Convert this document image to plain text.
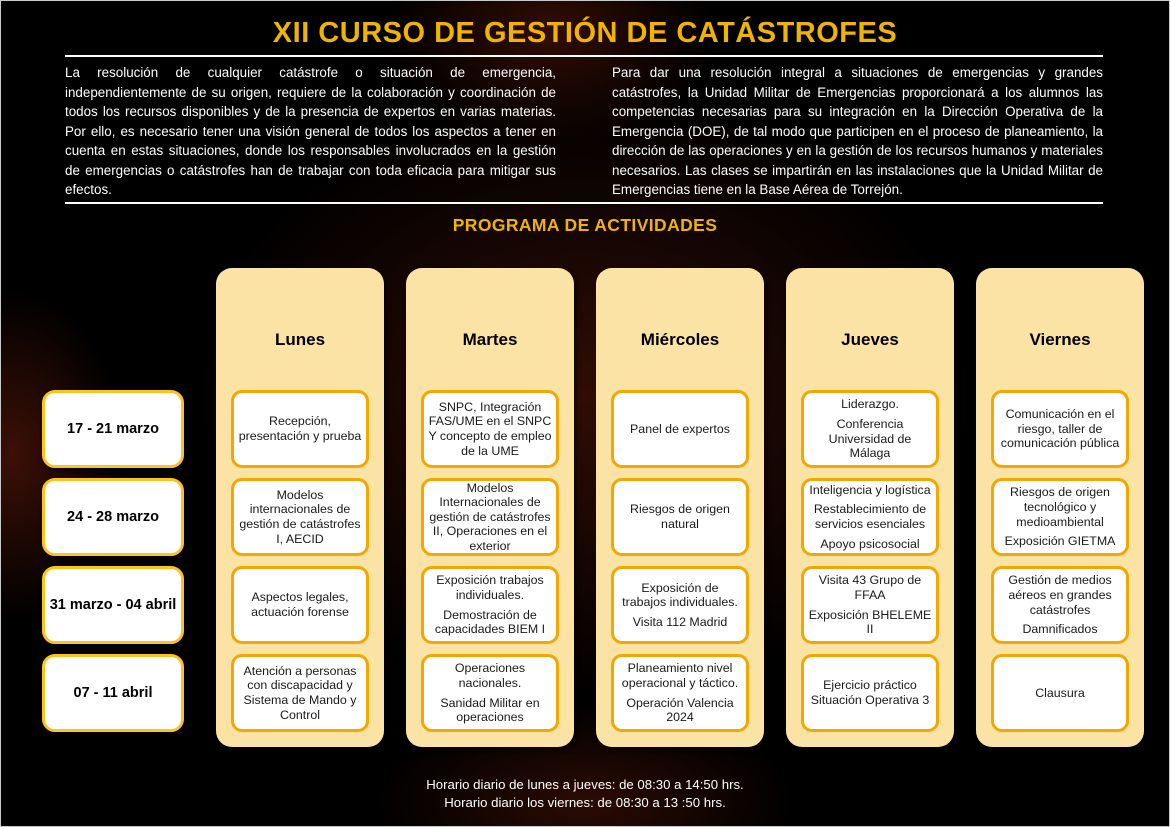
XII CURSO DE GESTIÓN DE CATÁSTROFES

La resolución de cualquier catástrofe o situación de emergencia, independientemente de su origen, requiere de la colaboración y coordinación de todos los recursos disponibles y de la presencia de expertos en varias materias. Por ello, es necesario tener una visión general de todos los aspectos a tener en cuenta en estas situaciones, donde los responsables involucrados en la gestión de emergencias o catástrofes han de trabajar con toda eficacia para mitigar sus efectos.

Para dar una resolución integral a situaciones de emergencias y grandes catástrofes, la Unidad Militar de Emergencias proporcionará a los alumnos las competencias necesarias para su integración en la Dirección Operativa de la Emergencia (DOE), de tal modo que participen en el proceso de planeamiento, la dirección de las operaciones y en la gestión de los recursos humanos y materiales necesarios. Las clases se impartirán en las instalaciones que la Unidad Militar de Emergencias tiene en la Base Aérea de Torrejón.

PROGRAMA DE ACTIVIDADES
17 - 21 marzo
24 - 28 marzo
31 marzo - 04 abril
07 - 11 abril
Lunes
Recepción, presentación y prueba
Modelos internacionales de gestión de catástrofes I, AECID
Aspectos legales, actuación forense
Atención a personas con discapacidad y Sistema de Mando y Control
Martes
SNPC, Integración FAS/UME en el SNPC Y concepto de empleo de la UME
Modelos Internacionales de gestión de catástrofes II, Operaciones en el exterior
Exposición trabajos individuales.
Demostración de capacidades BIEM I
Operaciones nacionales.
Sanidad Militar en operaciones
Miércoles
Panel de expertos
Riesgos de origen natural
Exposición de trabajos individuales.
Visita 112 Madrid
Planeamiento nivel operacional y táctico.
Operación Valencia 2024
Jueves
Liderazgo.
Conferencia Universidad de Málaga
Inteligencia y logística
Restablecimiento de servicios esenciales
Apoyo psicosocial
Visita 43 Grupo de FFAA
Exposición BHELEME II
Ejercicio práctico Situación Operativa 3
Viernes
Comunicación en el riesgo, taller de comunicación pública
Riesgos de origen tecnológico y medioambiental
Exposición GIETMA
Gestión de medios aéreos en grandes catástrofes
Damnificados
Clausura
Horario diario de lunes a jueves: de 08:30 a 14:50 hrs.
Horario diario los viernes: de 08:30 a 13 :50 hrs.
